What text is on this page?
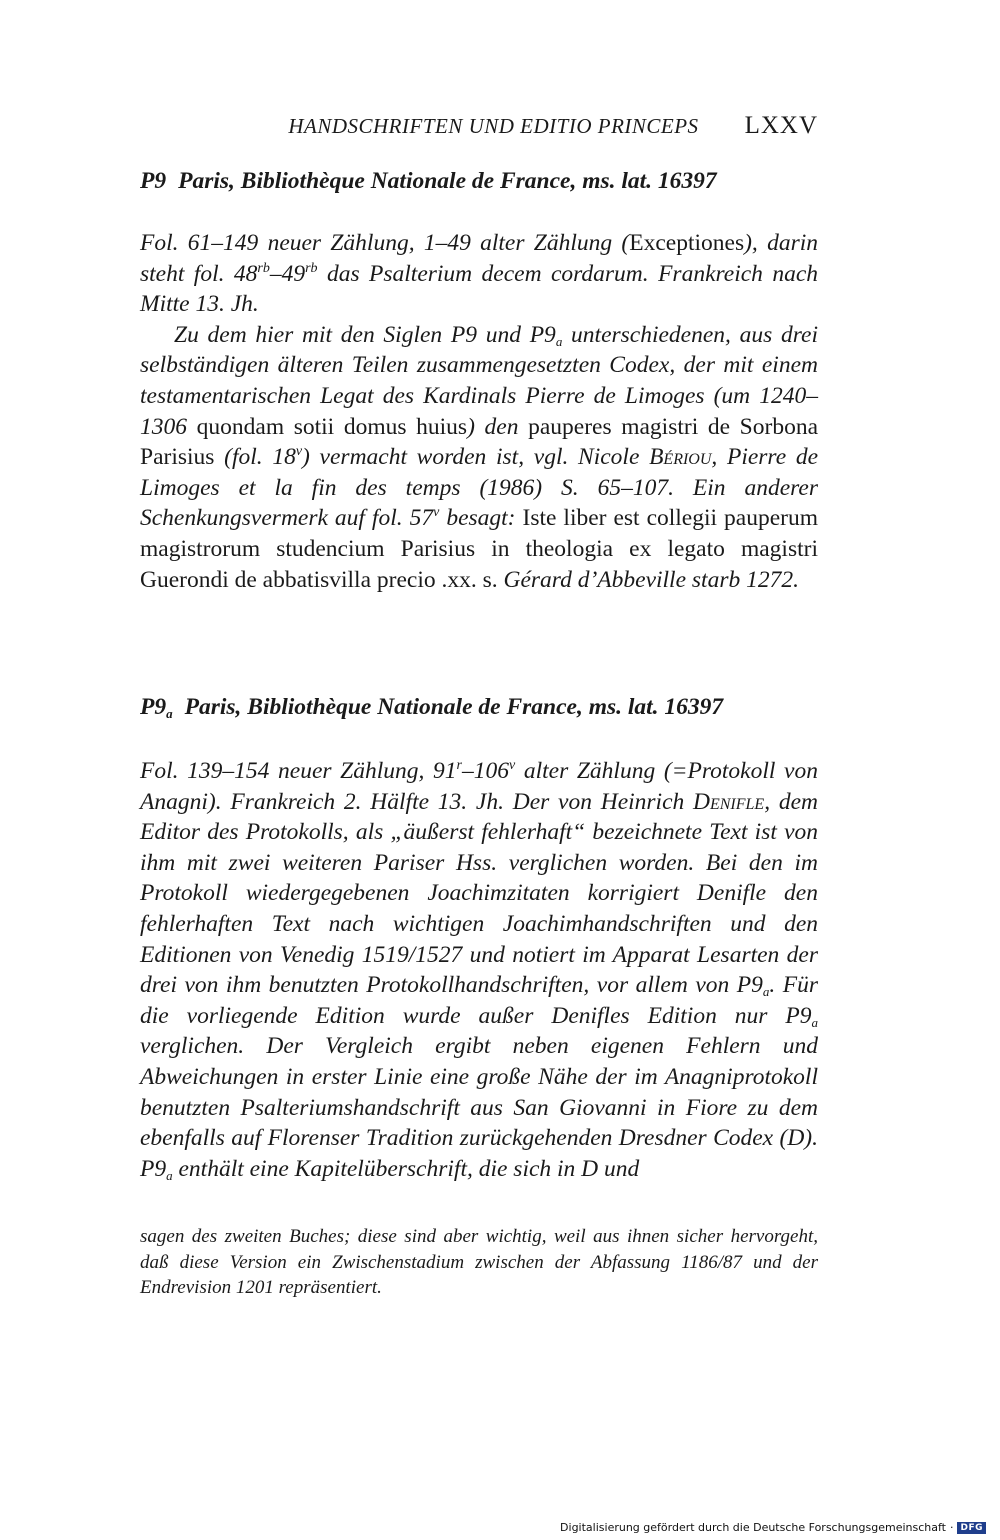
HANDSCHRIFTEN UND EDITIO PRINCEPS LXXV
P9 Paris, Bibliothèque Nationale de France, ms. lat. 16397

Fol. 61–149 neuer Zählung, 1–49 alter Zählung (Exceptiones), darin steht fol. $48^{rb}-49^{rb}$ das Psalterium decem cordarum. Frankreich nach Mitte 13. Jh.

Zu dem hier mit den Siglen P9 und $P9_a$ unterschiedenen, aus drei selbständigen älteren Teilen zusammengesetzten Codex, der mit einem testamentarischen Legat des Kardinals Pierre de Limoges (um 1240–1306 quondam sotii domus huius) den pauperes magistri de Sorbona Parisius (fol. 18$^v$) vermacht worden ist, vgl. Nicole Bériou, Pierre de Limoges et la fin des temps (1986) S. 65–107. Ein anderer Schenkungsvermerk auf fol. 57$^v$ besagt: Iste liber est collegii pauperum magistrorum studencium Parisius in theologia ex legato magistri Guerondi de abbatisvilla precio .xx. s. Gérard d’Abbeville starb 1272.

$P9_a$ Paris, Bibliothèque Nationale de France, ms. lat. 16397

Fol. 139–154 neuer Zählung, 91$^r$–106$^v$ alter Zählung (=Protokoll von Anagni). Frankreich 2. Hälfte 13. Jh. Der von Heinrich Denifle, dem Editor des Protokolls, als „äußerst fehlerhaft“ bezeichnete Text ist von ihm mit zwei weiteren Pariser Hss. verglichen worden. Bei den im Protokoll wiedergegebenen Joachimzitaten korrigiert Denifle den fehlerhaften Text nach wichtigen Joachimhandschriften und den Editionen von Venedig 1519/1527 und notiert im Apparat Lesarten der drei von ihm benutzten Protokollhandschriften, vor allem von $P9_a$. Für die vorliegende Edition wurde außer Denifles Edition nur $P9_a$ verglichen. Der Vergleich ergibt neben eigenen Fehlern und Abweichungen in erster Linie eine große Nähe der im Anagniprotokoll benutzten Psalteriumshandschrift aus San Giovanni in Fiore zu dem ebenfalls auf Florenser Tradition zurückgehenden Dresdner Codex (D). $P9_a$ enthält eine Kapitelüberschrift, die sich in D und

sagen des zweiten Buches; diese sind aber wichtig, weil aus ihnen sicher hervorgeht, daß diese Version ein Zwischenstadium zwischen der Abfassung 1186/87 und der Endrevision 1201 repräsentiert.

Digitalisierung gefördert durch die Deutsche Forschungsgemeinschaft · DFG
